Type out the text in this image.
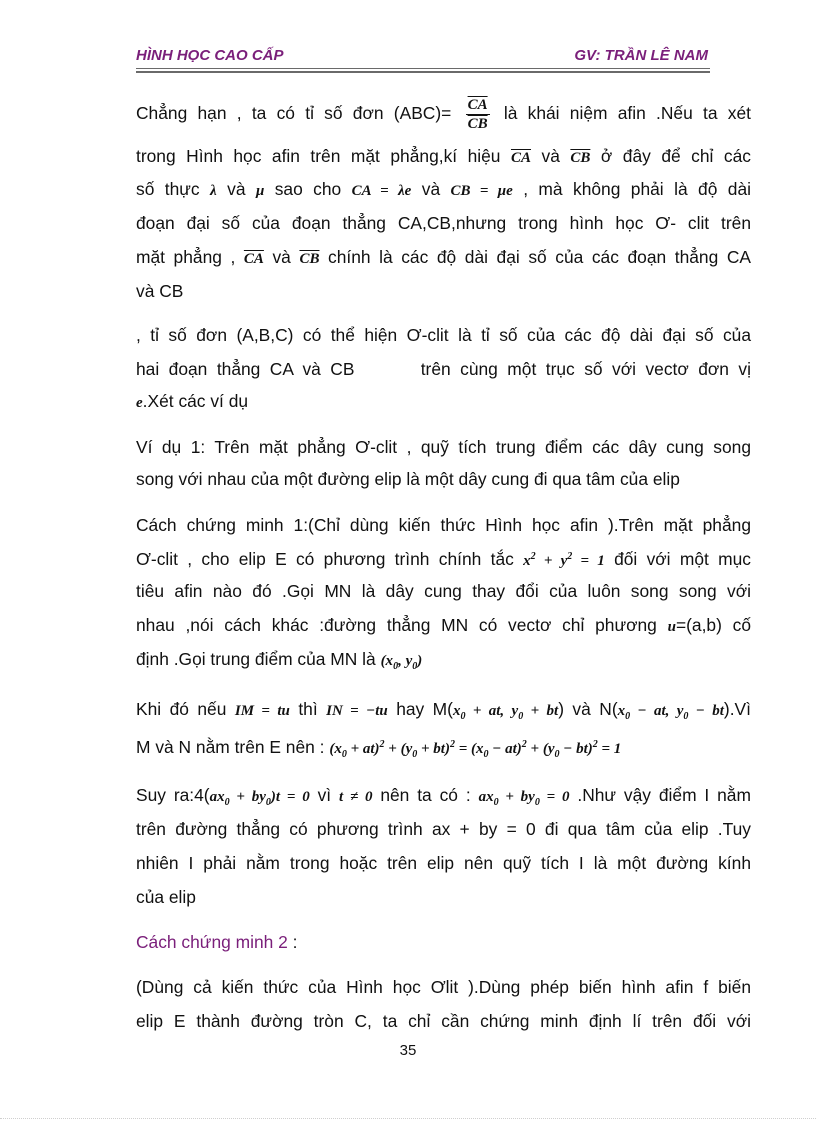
HÌNH HỌC CAO CẤP	GV: TRẦN LÊ NAM
Chẳng hạn , ta có tỉ số đơn $(ABC)= \frac{\overline{CA}}{CB}$ là khái niệm afin .Nếu ta xét
trong Hình học afin trên mặt phẳng,kí hiệu $\overline{CA}$ và $\overline{CB}$ ở đây để chỉ các
số thực λ và μ sao cho CA = λe và CB = μe , mà không phải là độ dài
đoạn đại số của đoạn thẳng CA,CB,nhưng trong hình học Ơ- clit trên
mặt phẳng , $\overline{CA}$ và $\overline{CB}$ chính là các độ dài đại số của các đoạn thẳng CA
và CB
, tỉ số đơn (A,B,C) có thể hiện Ơ-clit là tỉ số của các độ dài đại số của
hai đoạn thẳng CA và CB       trên cùng một trục số với vectơ đơn vị
e.Xét các ví dụ
Ví dụ 1: Trên mặt phẳng Ơ-clit , quỹ tích trung điểm các dây cung song
song với nhau của một đường elip là một dây cung đi qua tâm của elip
Cách chứng minh 1:(Chỉ dùng kiến thức Hình học afin ).Trên mặt phẳng
Ơ-clit , cho elip E có phương trình chính tắc $x^2 + y^2 = 1$ đối với một mục
tiêu afin nào đó .Gọi MN là dây cung thay đổi của luôn song song với
nhau ,nói cách khác :đường thẳng MN có vectơ chỉ phương u=(a,b) cố
định .Gọi trung điểm của MN là ($x_0$, $y_0$)
Khi đó nếu IM = tu thì IN = −tu hay $M(x_0$ + at, $y_0 + bt$) và $N(x_0$ − at, $y_0$ − bt).Vì
M và N nằm trên E nên : $(x_0 + at)^2 + (y_0 + bt)^2 = (x_0 - at)^2 + (y_0 - bt)^2 = 1$
Suy $ra:4(ax_0 + by_0)t = 0$ vì t ≠ 0 nên ta có : $ax_0 + by_0 = 0$ .Như vậy điểm I nằm
trên đường thẳng có phương trình ax + by = 0 đi qua tâm của elip .Tuy
nhiên I phải nằm trong hoặc trên elip nên quỹ tích I là một đường kính
của elip
Cách chứng minh 2 :
(Dùng cả kiến thức của Hình học Ơlit ).Dùng phép biến hình afin f biến
elip E thành đường tròn C, ta chỉ cần chứng minh định lí trên đối với
35
